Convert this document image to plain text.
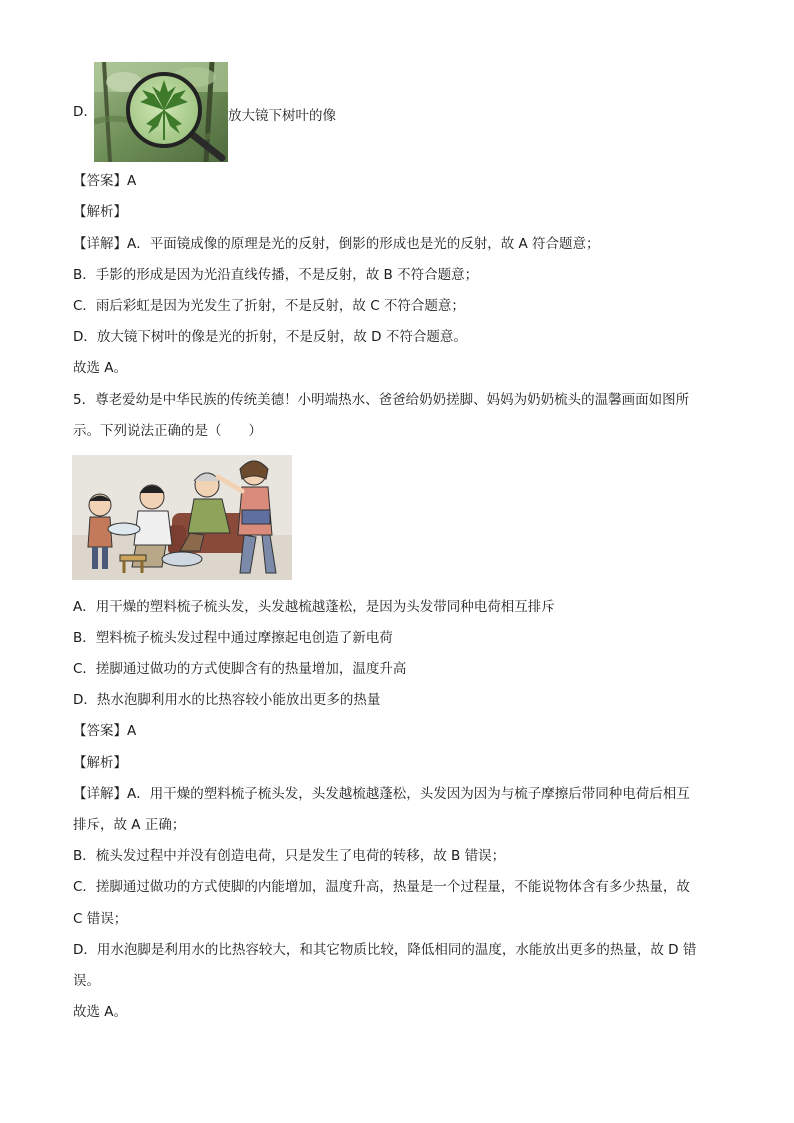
D.	放大镜下树叶的像
【答案】A
【解析】
【详解】A．平面镜成像的原理是光的反射，倒影的形成也是光的反射，故 A 符合题意；
B．手影的形成是因为光沿直线传播，不是反射，故 B 不符合题意；
C．雨后彩虹是因为光发生了折射，不是反射，故 C 不符合题意；
D．放大镜下树叶的像是光的折射，不是反射，故 D 不符合题意。
故选 A。
5．尊老爱幼是中华民族的传统美德！小明端热水、爸爸给奶奶搓脚、妈妈为奶奶梳头的温馨画面如图所
示。下列说法正确的是（　　）
A．用干燥的塑料梳子梳头发，头发越梳越蓬松，是因为头发带同种电荷相互排斥
B．塑料梳子梳头发过程中通过摩擦起电创造了新电荷
C．搓脚通过做功的方式使脚含有的热量增加，温度升高
D．热水泡脚利用水的比热容较小能放出更多的热量
【答案】A
【解析】
【详解】A．用干燥的塑料梳子梳头发，头发越梳越蓬松，头发因为因为与梳子摩擦后带同种电荷后相互
排斥，故 A 正确；
B．梳头发过程中并没有创造电荷，只是发生了电荷的转移，故 B 错误；
C．搓脚通过做功的方式使脚的内能增加，温度升高，热量是一个过程量，不能说物体含有多少热量，故
C 错误；
D．用水泡脚是利用水的比热容较大，和其它物质比较，降低相同的温度，水能放出更多的热量，故 D 错
误。
故选 A。
